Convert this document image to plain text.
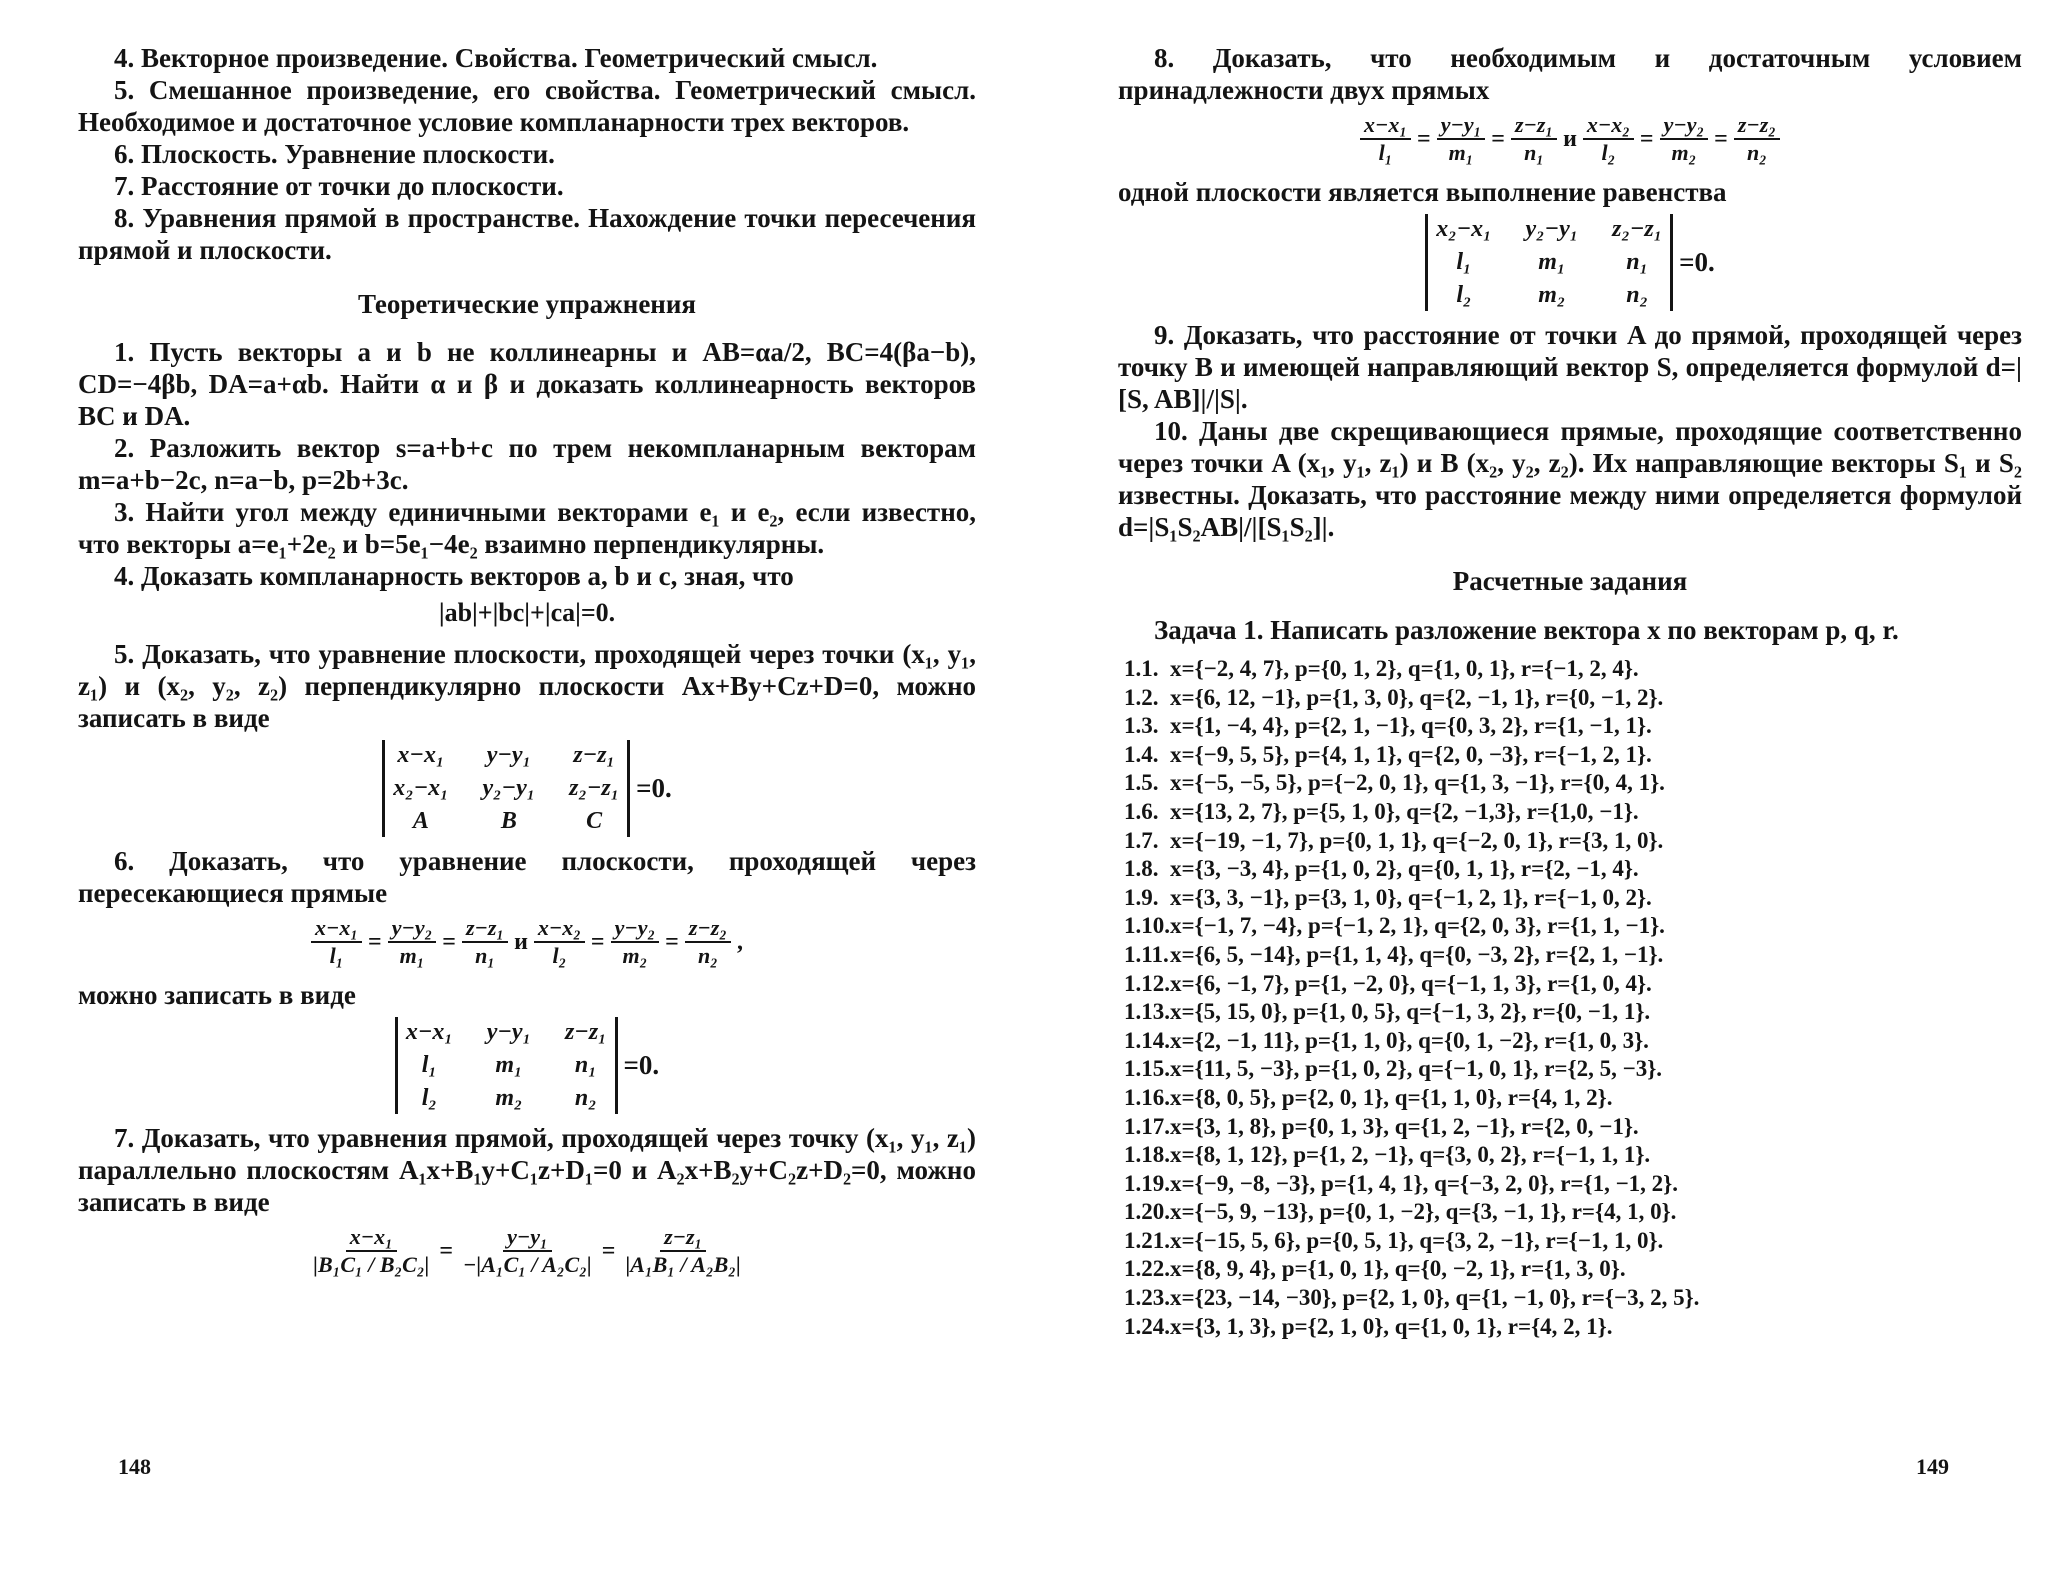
4. Векторное произведение. Свойства. Геометрический смысл.

5. Смешанное произведение, его свойства. Геометрический смысл. Необходимое и достаточное условие компланарности трех векторов.

6. Плоскость. Уравнение плоскости.

7. Расстояние от точки до плоскости.

8. Уравнения прямой в пространстве. Нахождение точки пересечения прямой и плоскости.

Теоретические упражнения

1. Пусть векторы a и b не коллинеарны и AB=αa/2, BC=4(βa−b), CD=−4βb, DA=a+αb. Найти α и β и доказать коллинеарность векторов BC и DA.

2. Разложить вектор s=a+b+c по трем некомпланарным векторам m=a+b−2c, n=a−b, p=2b+3c.

3. Найти угол между единичными векторами e₁ и e₂, если известно, что векторы a=e₁+2e₂ и b=5e₁−4e₂ взаимно перпендикулярны.

4. Доказать компланарность векторов a, b и c, зная, что

|ab|+|bc|+|ca|=0.

5. Доказать, что уравнение плоскости, проходящей через точки (x₁, y₁, z₁) и (x₂, y₂, z₂) перпендикулярно плоскости Ax+By+Cz+D=0, можно записать в виде

x−x₁ y−y₁ z−z₁
x₂−x₁ y₂−y₁ z₂−z₁
A	B	C
=0.

6. Доказать, что уравнение плоскости, проходящей через пересекающиеся прямые

$\frac{\text{x−x₁}}{\text{l₁}} = \frac{\text{y−y₂}}{\text{m₁}} = \frac{\text{z−z₁}}{\text{n₁}}$ и $\frac{\text{x−x₂}}{\text{l₂}} = \frac{\text{y−y₂}}{\text{m₂}} = \frac{\text{z−z₂}}{\text{n₂}}$ ,

можно записать в виде

x−x₁ y−y₁ z−z₁
l₁	m₁	n₁
l₂	m₂	n₂
=0.

7. Доказать, что уравнения прямой, проходящей через точку (x₁, y₁, z₁) параллельно плоскостям A₁x+B₁y+C₁z+D₁=0 и A₂x+B₂y+C₂z+D₂=0, можно записать в виде

$\frac{\text{x−x₁}}{\text{|B₁C₁ / B₂C₂|}} = \frac{\text{y−y₁}}{\text{−|A₁C₁ / A₂C₂|}} = \frac{\text{z−z₁}}{\text{|A₁B₁ / A₂B₂|}}$
148

8. Доказать, что необходимым и достаточным условием принадлежности двух прямых

$\frac{\text{x−x₁}}{\text{l₁}} = \frac{\text{y−y₁}}{\text{m₁}} = \frac{\text{z−z₁}}{\text{n₁}}$ и $\frac{\text{x−x₂}}{\text{l₂}} = \frac{\text{y−y₂}}{\text{m₂}} = \frac{\text{z−z₂}}{\text{n₂}}$

одной плоскости является выполнение равенства

x₂−x₁ y₂−y₁ z₂−z₁
l₁	m₁	n₁
l₂	m₂	n₂
=0.

9. Доказать, что расстояние от точки A до прямой, проходящей через точку B и имеющей направляющий вектор S, определяется формулой d=|[S, AB]|/|S|.

10. Даны две скрещивающиеся прямые, проходящие соответственно через точки A (x₁, y₁, z₁) и B (x₂, y₂, z₂). Их направляющие векторы S₁ и S₂ известны. Доказать, что расстояние между ними определяется формулой d=|S₁S₂AB|/|[S₁S₂]|.

Расчетные задания
Задача 1. Написать разложение вектора x по векторам p, q, r.
1.1. x={−2, 4, 7}, p={0, 1, 2}, q={1, 0, 1}, r={−1, 2, 4}.
1.2. x={6, 12, −1}, p={1, 3, 0}, q={2, −1, 1}, r={0, −1, 2}.
1.3. x={1, −4, 4}, p={2, 1, −1}, q={0, 3, 2}, r={1, −1, 1}.
1.4. x={−9, 5, 5}, p={4, 1, 1}, q={2, 0, −3}, r={−1, 2, 1}.
1.5. x={−5, −5, 5}, p={−2, 0, 1}, q={1, 3, −1}, r={0, 4, 1}.
1.6. x={13, 2, 7}, p={5, 1, 0}, q={2, −1,3}, r={1,0, −1}.
1.7. x={−19, −1, 7}, p={0, 1, 1}, q={−2, 0, 1}, r={3, 1, 0}.
1.8. x={3, −3, 4}, p={1, 0, 2}, q={0, 1, 1}, r={2, −1, 4}.
1.9. x={3, 3, −1}, p={3, 1, 0}, q={−1, 2, 1}, r={−1, 0, 2}.
1.10.x={−1, 7, −4}, p={−1, 2, 1}, q={2, 0, 3}, r={1, 1, −1}.
1.11.x={6, 5, −14}, p={1, 1, 4}, q={0, −3, 2}, r={2, 1, −1}.
1.12.x={6, −1, 7}, p={1, −2, 0}, q={−1, 1, 3}, r={1, 0, 4}.
1.13.x={5, 15, 0}, p={1, 0, 5}, q={−1, 3, 2}, r={0, −1, 1}.
1.14.x={2, −1, 11}, p={1, 1, 0}, q={0, 1, −2}, r={1, 0, 3}.
1.15.x={11, 5, −3}, p={1, 0, 2}, q={−1, 0, 1}, r={2, 5, −3}.
1.16.x={8, 0, 5}, p={2, 0, 1}, q={1, 1, 0}, r={4, 1, 2}.
1.17.x={3, 1, 8}, p={0, 1, 3}, q={1, 2, −1}, r={2, 0, −1}.
1.18.x={8, 1, 12}, p={1, 2, −1}, q={3, 0, 2}, r={−1, 1, 1}.
1.19.x={−9, −8, −3}, p={1, 4, 1}, q={−3, 2, 0}, r={1, −1, 2}.
1.20.x={−5, 9, −13}, p={0, 1, −2}, q={3, −1, 1}, r={4, 1, 0}.
1.21.x={−15, 5, 6}, p={0, 5, 1}, q={3, 2, −1}, r={−1, 1, 0}.
1.22.x={8, 9, 4}, p={1, 0, 1}, q={0, −2, 1}, r={1, 3, 0}.
1.23.x={23, −14, −30}, p={2, 1, 0}, q={1, −1, 0}, r={−3, 2, 5}.
1.24.x={3, 1, 3}, p={2, 1, 0}, q={1, 0, 1}, r={4, 2, 1}.
149
